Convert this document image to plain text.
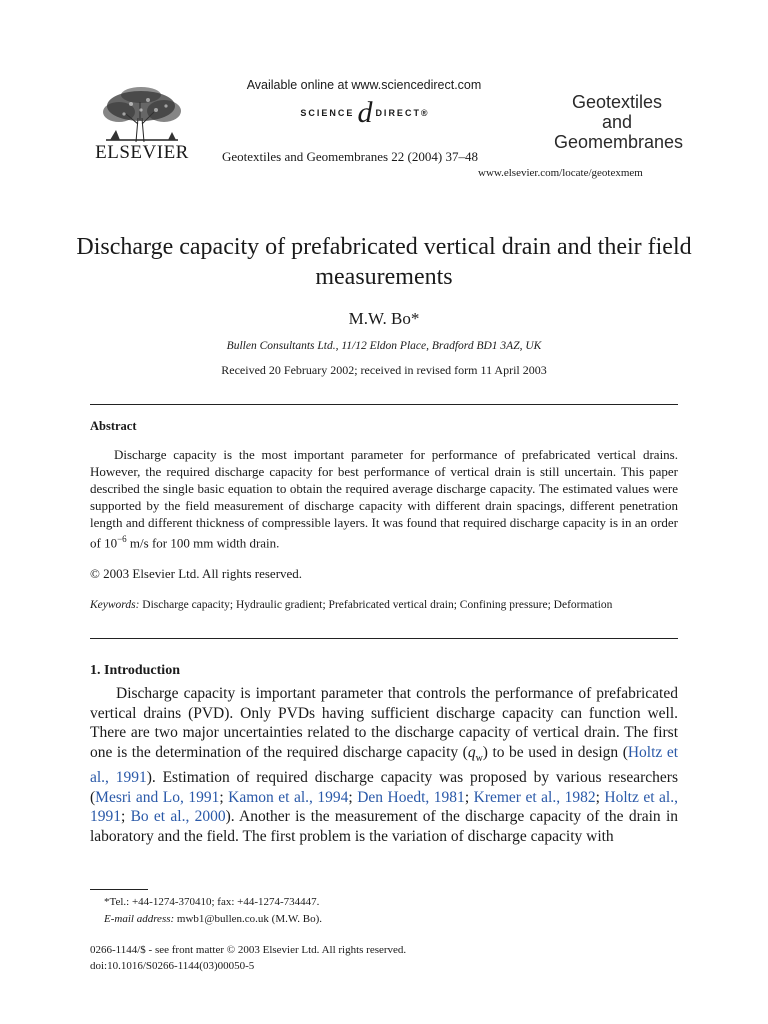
ELSEVIER
Available online at www.sciencedirect.com
SCIENCE d DIRECT®
Geotextiles and Geomembranes 22 (2004) 37–48
Geotextiles
and
Geomembranes
www.elsevier.com/locate/geotexmem
Discharge capacity of prefabricated vertical drain and their field measurements
M.W. Bo*
Bullen Consultants Ltd., 11/12 Eldon Place, Bradford BD1 3AZ, UK
Received 20 February 2002; received in revised form 11 April 2003
Abstract
Discharge capacity is the most important parameter for performance of prefabricated vertical drains. However, the required discharge capacity for best performance of vertical drain is still uncertain. This paper described the single basic equation to obtain the required average discharge capacity. The estimated values were supported by the field measurement of discharge capacity with different drain spacings, different penetration length and different thickness of compressible layers. It was found that required discharge capacity is in an order of $10^{-6}$ m/s for 100 mm width drain.
© 2003 Elsevier Ltd. All rights reserved.
Keywords: Discharge capacity; Hydraulic gradient; Prefabricated vertical drain; Confining pressure; Deformation
1. Introduction
Discharge capacity is important parameter that controls the performance of prefabricated vertical drains (PVD). Only PVDs having sufficient discharge capacity can function well. There are two major uncertainties related to the discharge capacity of vertical drain. The first one is the determination of the required discharge capacity $(q_w)$ to be used in design (Holtz et al., 1991). Estimation of required discharge capacity was proposed by various researchers (Mesri and Lo, 1991; Kamon et al., 1994; Den Hoedt, 1981; Kremer et al., 1982; Holtz et al., 1991; Bo et al., 2000). Another is the measurement of the discharge capacity of the drain in laboratory and the field. The first problem is the variation of discharge capacity with
*Tel.: +44-1274-370410; fax: +44-1274-734447.
E-mail address: mwb1@bullen.co.uk (M.W. Bo).
0266-1144/$ - see front matter © 2003 Elsevier Ltd. All rights reserved.
doi:10.1016/S0266-1144(03)00050-5
